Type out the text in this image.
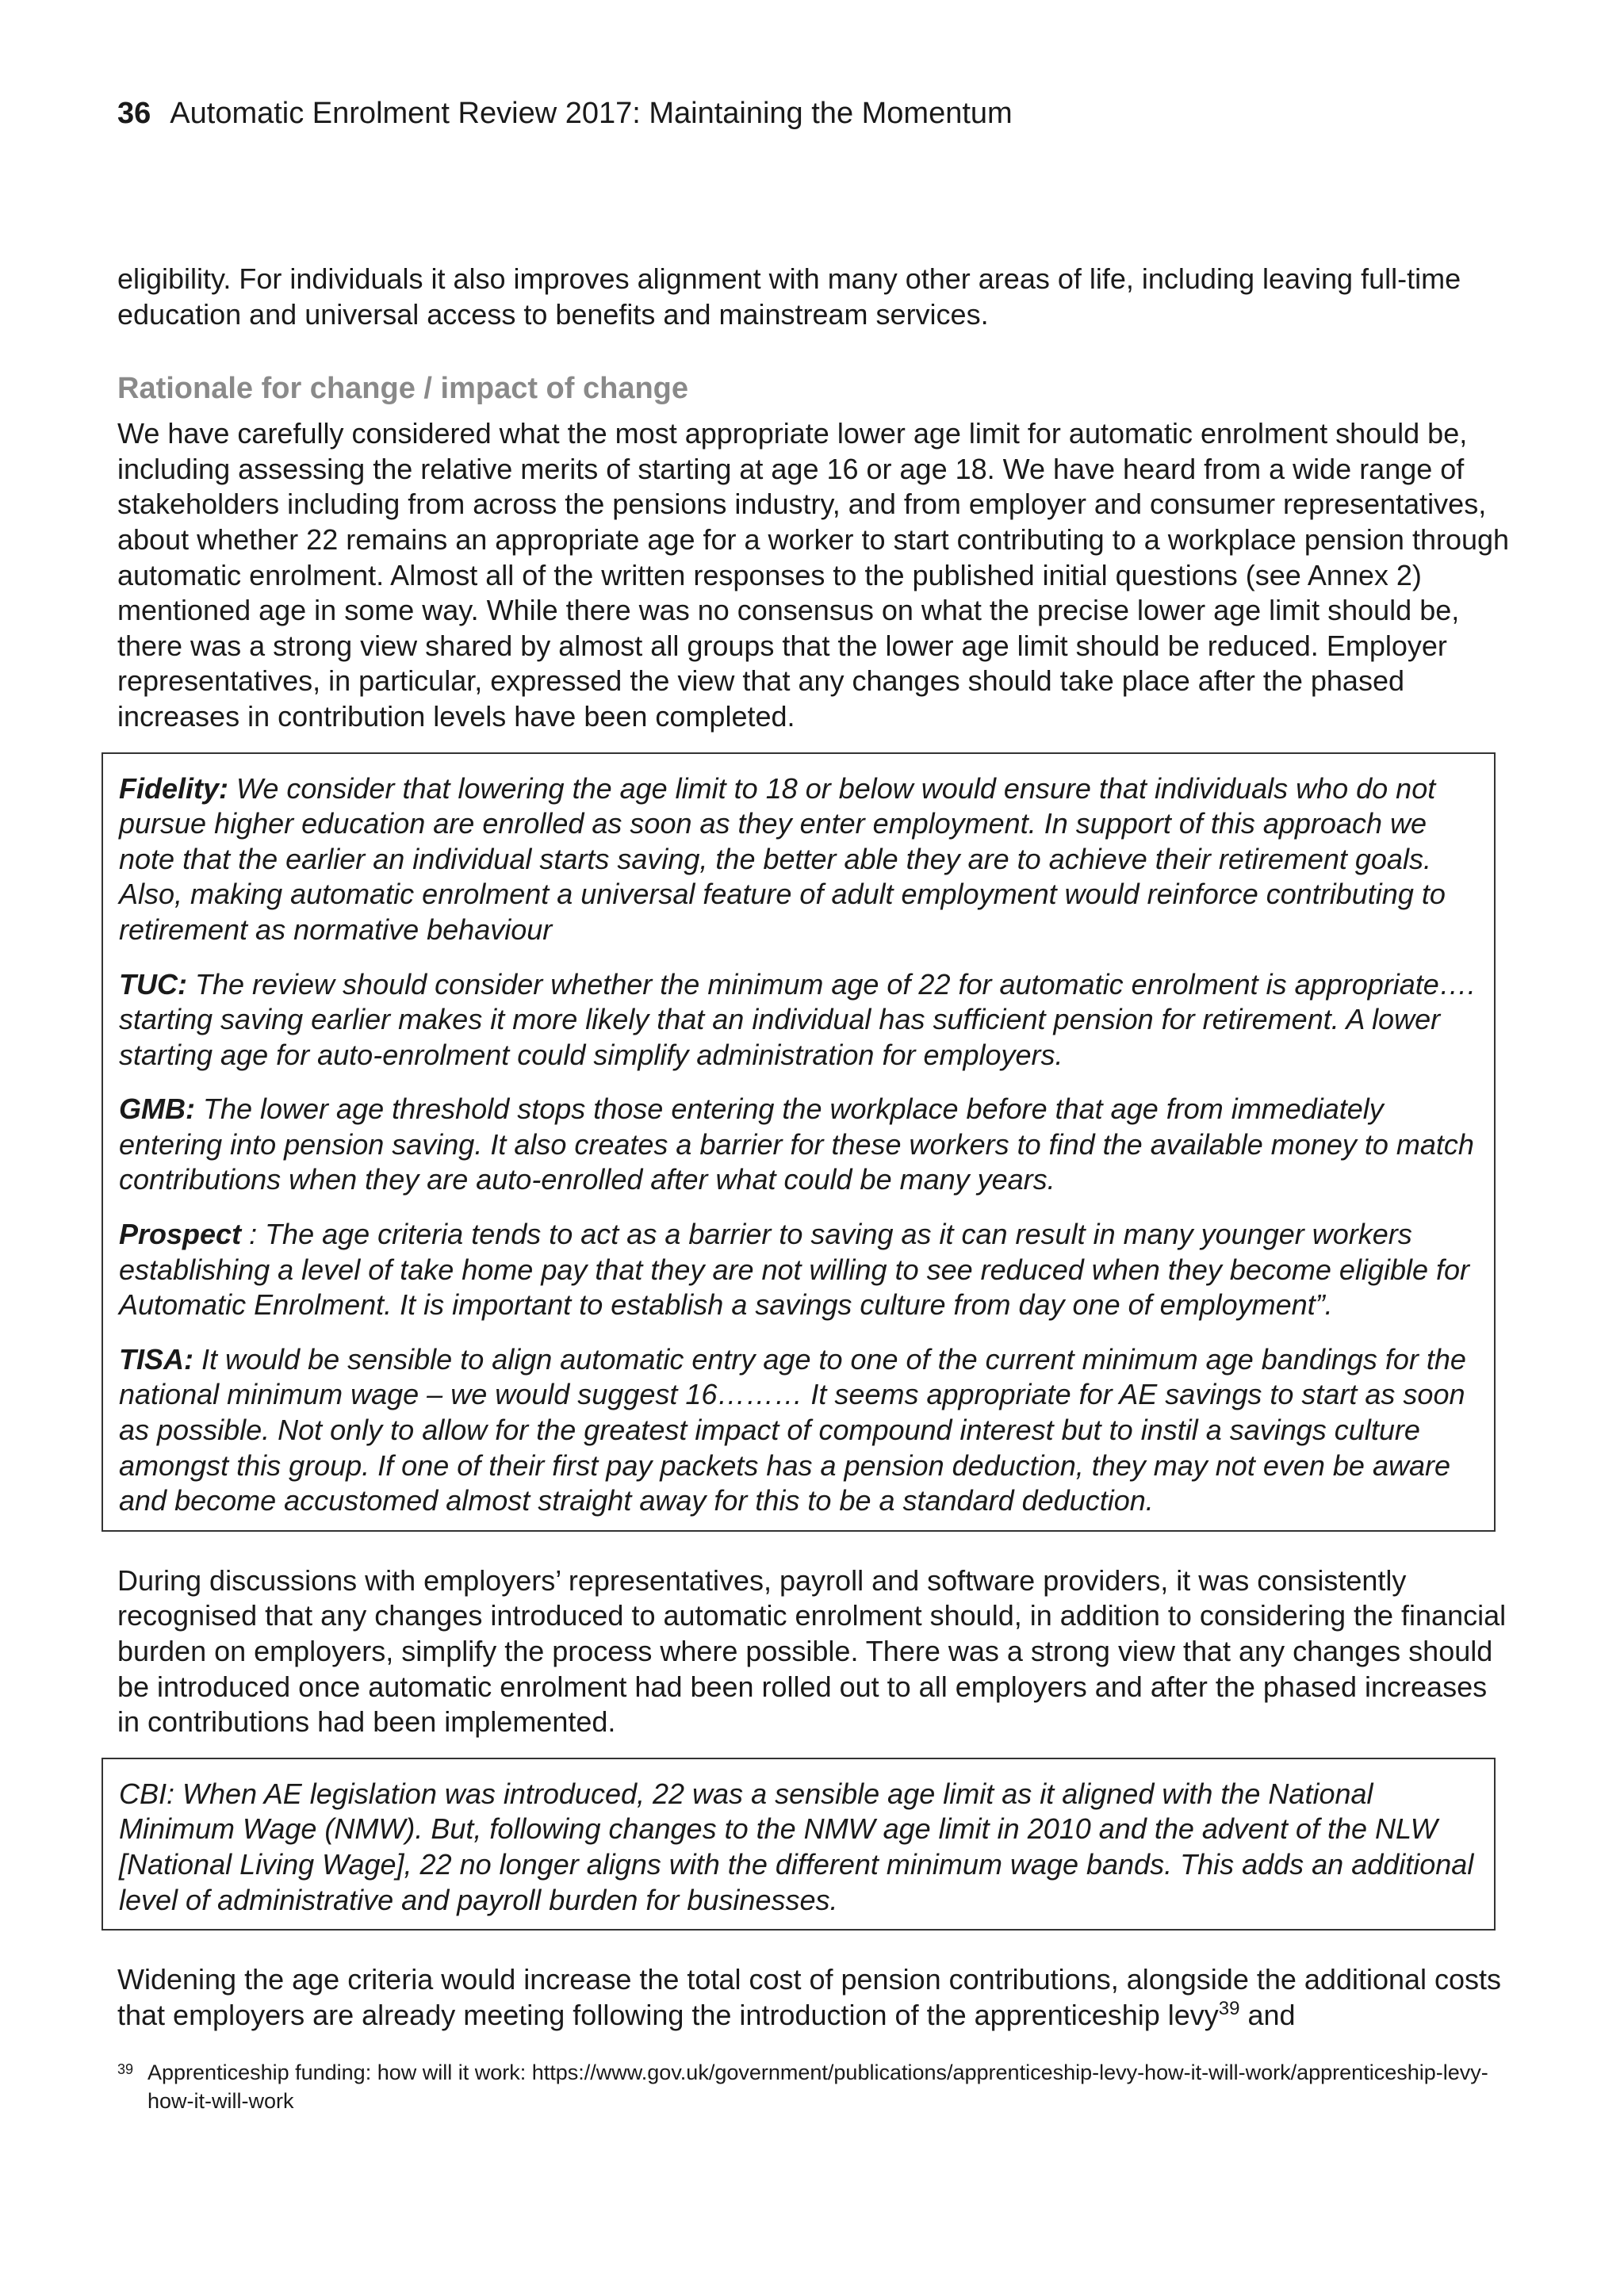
36 Automatic Enrolment Review 2017: Maintaining the Momentum

eligibility. For individuals it also improves alignment with many other areas of life, including leaving full-time education and universal access to benefits and mainstream services.

Rationale for change / impact of change

We have carefully considered what the most appropriate lower age limit for automatic enrolment should be, including assessing the relative merits of starting at age 16 or age 18. We have heard from a wide range of stakeholders including from across the pensions industry, and from employer and consumer representatives, about whether 22 remains an appropriate age for a worker to start contributing to a workplace pension through automatic enrolment. Almost all of the written responses to the published initial questions (see Annex 2) mentioned age in some way. While there was no consensus on what the precise lower age limit should be, there was a strong view shared by almost all groups that the lower age limit should be reduced. Employer representatives, in particular, expressed the view that any changes should take place after the phased increases in contribution levels have been completed.

Fidelity: We consider that lowering the age limit to 18 or below would ensure that individuals who do not pursue higher education are enrolled as soon as they enter employment. In support of this approach we note that the earlier an individual starts saving, the better able they are to achieve their retirement goals. Also, making automatic enrolment a universal feature of adult employment would reinforce contributing to retirement as normative behaviour

TUC: The review should consider whether the minimum age of 22 for automatic enrolment is appropriate…. starting saving earlier makes it more likely that an individual has sufficient pension for retirement. A lower starting age for auto-enrolment could simplify administration for employers.

GMB: The lower age threshold stops those entering the workplace before that age from immediately entering into pension saving. It also creates a barrier for these workers to find the available money to match contributions when they are auto-enrolled after what could be many years.

Prospect : The age criteria tends to act as a barrier to saving as it can result in many younger workers establishing a level of take home pay that they are not willing to see reduced when they become eligible for Automatic Enrolment. It is important to establish a savings culture from day one of employment”.

TISA: It would be sensible to align automatic entry age to one of the current minimum age bandings for the national minimum wage – we would suggest 16……… It seems appropriate for AE savings to start as soon as possible. Not only to allow for the greatest impact of compound interest but to instil a savings culture amongst this group. If one of their first pay packets has a pension deduction, they may not even be aware and become accustomed almost straight away for this to be a standard deduction.

During discussions with employers’ representatives, payroll and software providers, it was consistently recognised that any changes introduced to automatic enrolment should, in addition to considering the financial burden on employers, simplify the process where possible. There was a strong view that any changes should be introduced once automatic enrolment had been rolled out to all employers and after the phased increases in contributions had been implemented.

CBI: When AE legislation was introduced, 22 was a sensible age limit as it aligned with the National Minimum Wage (NMW). But, following changes to the NMW age limit in 2010 and the advent of the NLW [National Living Wage], 22 no longer aligns with the different minimum wage bands. This adds an additional level of administrative and payroll burden for businesses.

Widening the age criteria would increase the total cost of pension contributions, alongside the additional costs that employers are already meeting following the introduction of the apprenticeship levy$^{39}$ and

39 Apprenticeship funding: how will it work: https://www.gov.uk/government/publications/apprenticeship-levy-how-it-will-work/apprenticeship-levy-how-it-will-work
